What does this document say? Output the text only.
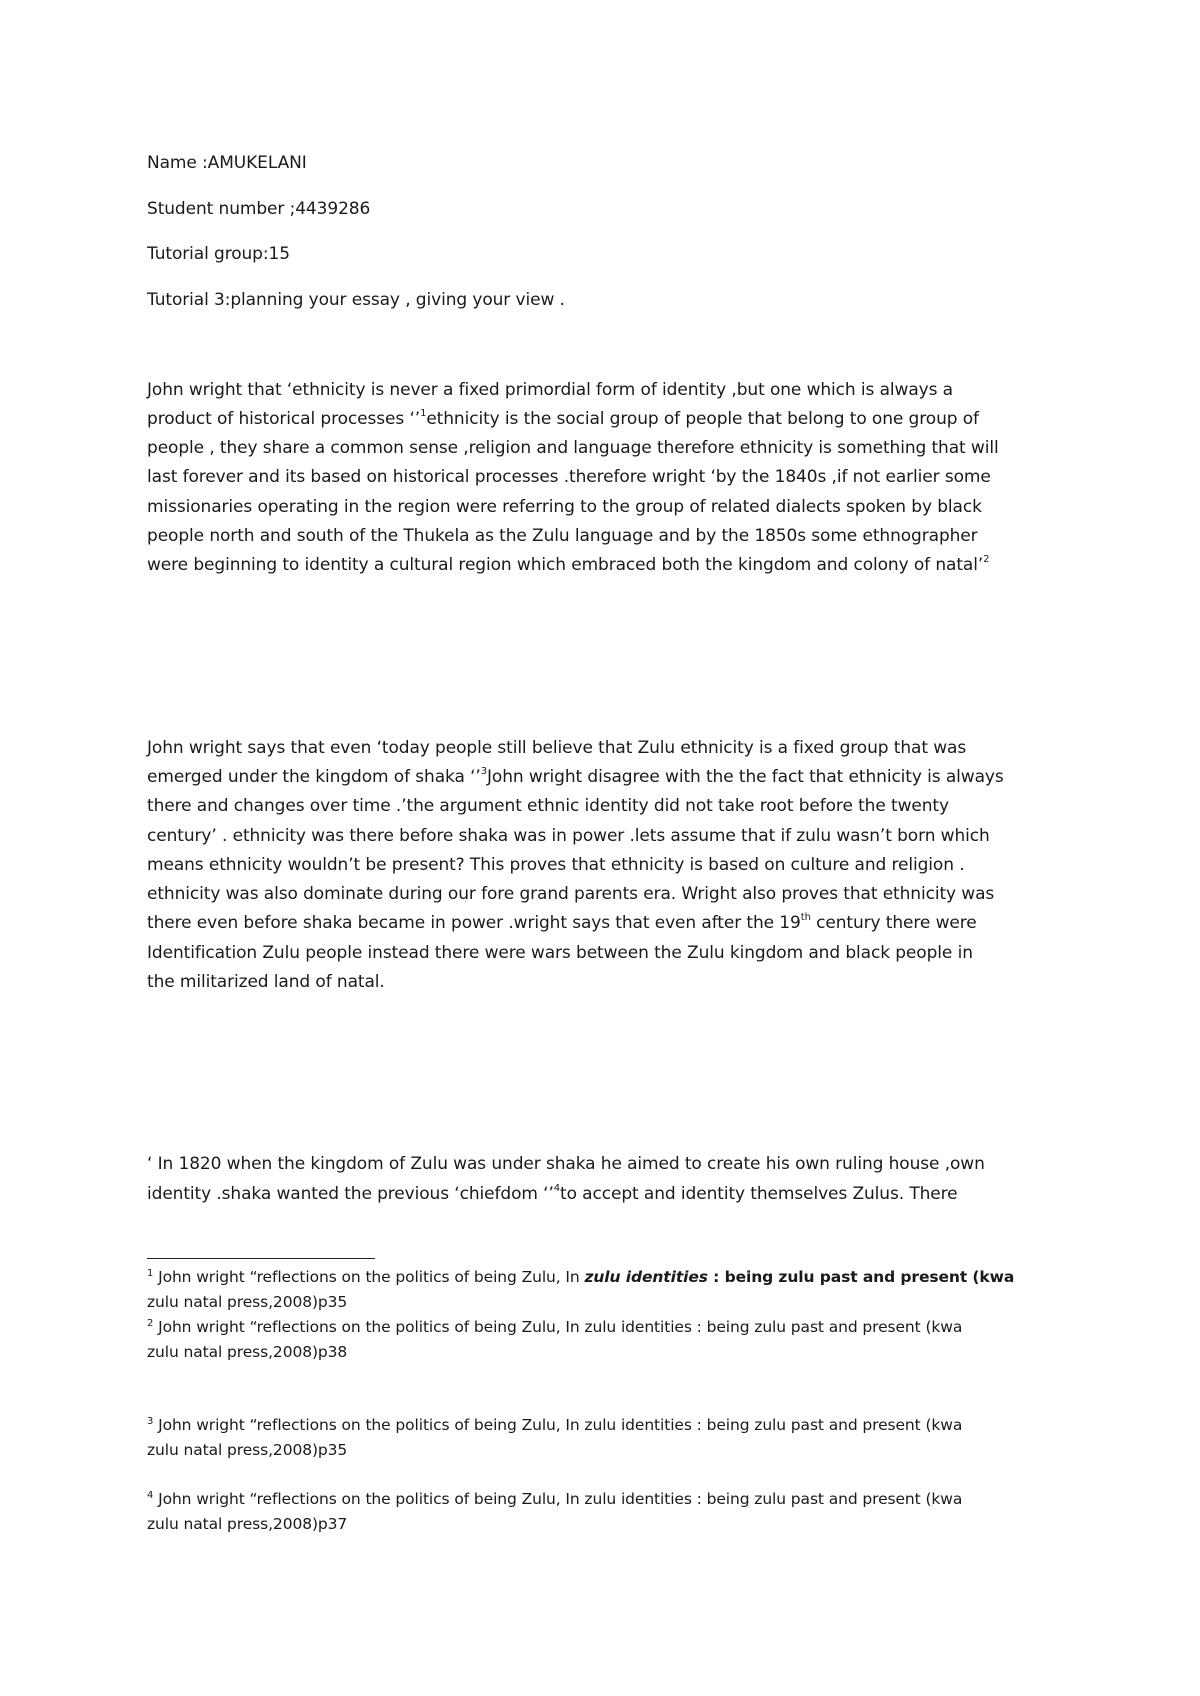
Name :AMUKELANI
Student number ;4439286
Tutorial group:15
Tutorial 3:planning your essay , giving your view .
John wright that ‘ethnicity is never a fixed primordial form of identity ,but one which is always a
product of historical processes ‘’$^1$ethnicity is the social group of people that belong to one group of
people , they share a common sense ,religion and language therefore ethnicity is something that will
last forever and its based on historical processes .therefore wright ‘by the 1840s ,if not earlier some
missionaries operating in the region were referring to the group of related dialects spoken by black
people north and south of the Thukela as the Zulu language and by the 1850s some ethnographer
were beginning to identity a cultural region which embraced both the kingdom and colony of natal’$^2$
John wright says that even ‘today people still believe that Zulu ethnicity is a fixed group that was
emerged under the kingdom of shaka ‘’$^3$John wright disagree with the the fact that ethnicity is always
there and changes over time .’the argument ethnic identity did not take root before the twenty
century’ . ethnicity was there before shaka was in power .lets assume that if zulu wasn’t born which
means ethnicity wouldn’t be present? This proves that ethnicity is based on culture and religion .
ethnicity was also dominate during our fore grand parents era. Wright also proves that ethnicity was
there even before shaka became in power .wright says that even after the 19th century there were
Identification Zulu people instead there were wars between the Zulu kingdom and black people in
the militarized land of natal.
‘ In 1820 when the kingdom of Zulu was under shaka he aimed to create his own ruling house ,own
identity .shaka wanted the previous ‘chiefdom ‘’$^4$to accept and identity themselves Zulus. There
$^1$ John wright “reflections on the politics of being Zulu, In zulu identities : being zulu past and present (kwa
zulu natal press,2008)p35
$^2$ John wright “reflections on the politics of being Zulu, In zulu identities : being zulu past and present (kwa
zulu natal press,2008)p38
$^3$ John wright “reflections on the politics of being Zulu, In zulu identities : being zulu past and present (kwa
zulu natal press,2008)p35
$^4$ John wright “reflections on the politics of being Zulu, In zulu identities : being zulu past and present (kwa
zulu natal press,2008)p37
